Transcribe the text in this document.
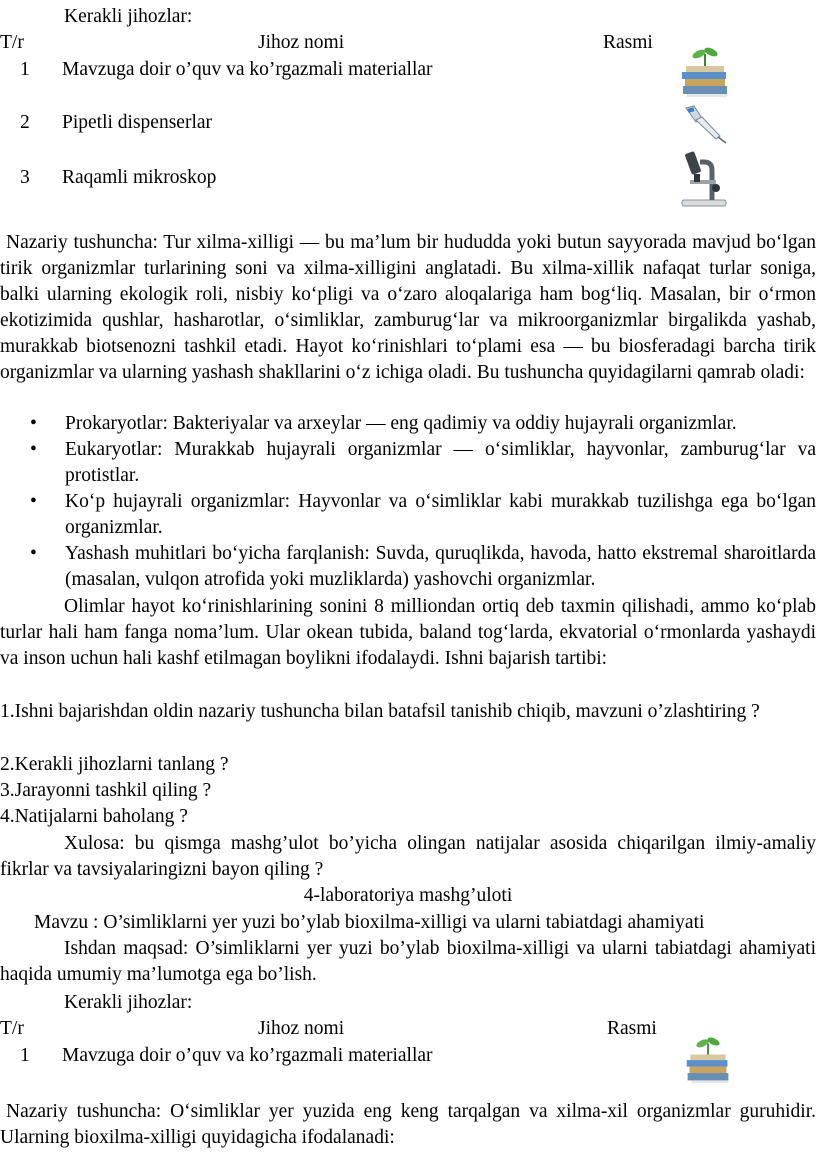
Kerakli jihozlar:
T/r	Jihoz nomi	Rasmi
1 Mavzuga doir o’quv va ko’rgazmali materiallar
2 Pipetli dispenserlar
3 Raqamli mikroskop
Nazariy tushuncha: Tur xilma-xilligi — bu ma’lum bir hududda yoki butun sayyorada mavjud bo‘lgan tirik organizmlar turlarining soni va xilma-xilligini anglatadi. Bu xilma-xillik nafaqat turlar soniga, balki ularning ekologik roli, nisbiy ko‘pligi va o‘zaro aloqalariga ham bog‘liq. Masalan, bir o‘rmon ekotizimida qushlar, hasharotlar, o‘simliklar, zamburug‘lar va mikroorganizmlar birgalikda yashab, murakkab biotsenozni tashkil etadi. Hayot ko‘rinishlari to‘plami esa — bu biosferadagi barcha tirik organizmlar va ularning yashash shakllarini o‘z ichiga oladi. Bu tushuncha quyidagilarni qamrab oladi:
• Prokaryotlar: Bakteriyalar va arxeylar — eng qadimiy va oddiy hujayrali organizmlar.
• Eukaryotlar: Murakkab hujayrali organizmlar — o‘simliklar, hayvonlar, zamburug‘lar va protistlar.
• Ko‘p hujayrali organizmlar: Hayvonlar va o‘simliklar kabi murakkab tuzilishga ega bo‘lgan organizmlar.
• Yashash muhitlari bo‘yicha farqlanish: Suvda, quruqlikda, havoda, hatto ekstremal sharoitlarda (masalan, vulqon atrofida yoki muzliklarda) yashovchi organizmlar.
Olimlar hayot ko‘rinishlarining sonini 8 milliondan ortiq deb taxmin qilishadi, ammo ko‘plab turlar hali ham fanga noma’lum. Ular okean tubida, baland tog‘larda, ekvatorial o‘rmonlarda yashaydi va inson uchun hali kashf etilmagan boylikni ifodalaydi. Ishni bajarish tartibi:
1.Ishni bajarishdan oldin nazariy tushuncha bilan batafsil tanishib chiqib, mavzuni o’zlashtiring ?
2.Kerakli jihozlarni tanlang ?
3.Jarayonni tashkil qiling ?
4.Natijalarni baholang ?
Xulosa: bu qismga mashg’ulot bo’yicha olingan natijalar asosida chiqarilgan ilmiy-amaliy fikrlar va tavsiyalaringizni bayon qiling ?
4-laboratoriya mashg’uloti
Mavzu : O’simliklarni yer yuzi bo’ylab bioxilma-xilligi va ularni tabiatdagi ahamiyati
Ishdan maqsad: O’simliklarni yer yuzi bo’ylab bioxilma-xilligi va ularni tabiatdagi ahamiyati haqida umumiy ma’lumotga ega bo’lish.
Kerakli jihozlar:
T/r	Jihoz nomi	Rasmi
1 Mavzuga doir o’quv va ko’rgazmali materiallar
Nazariy tushuncha: O‘simliklar yer yuzida eng keng tarqalgan va xilma-xil organizmlar guruhidir. Ularning bioxilma-xilligi quyidagicha ifodalanadi:
